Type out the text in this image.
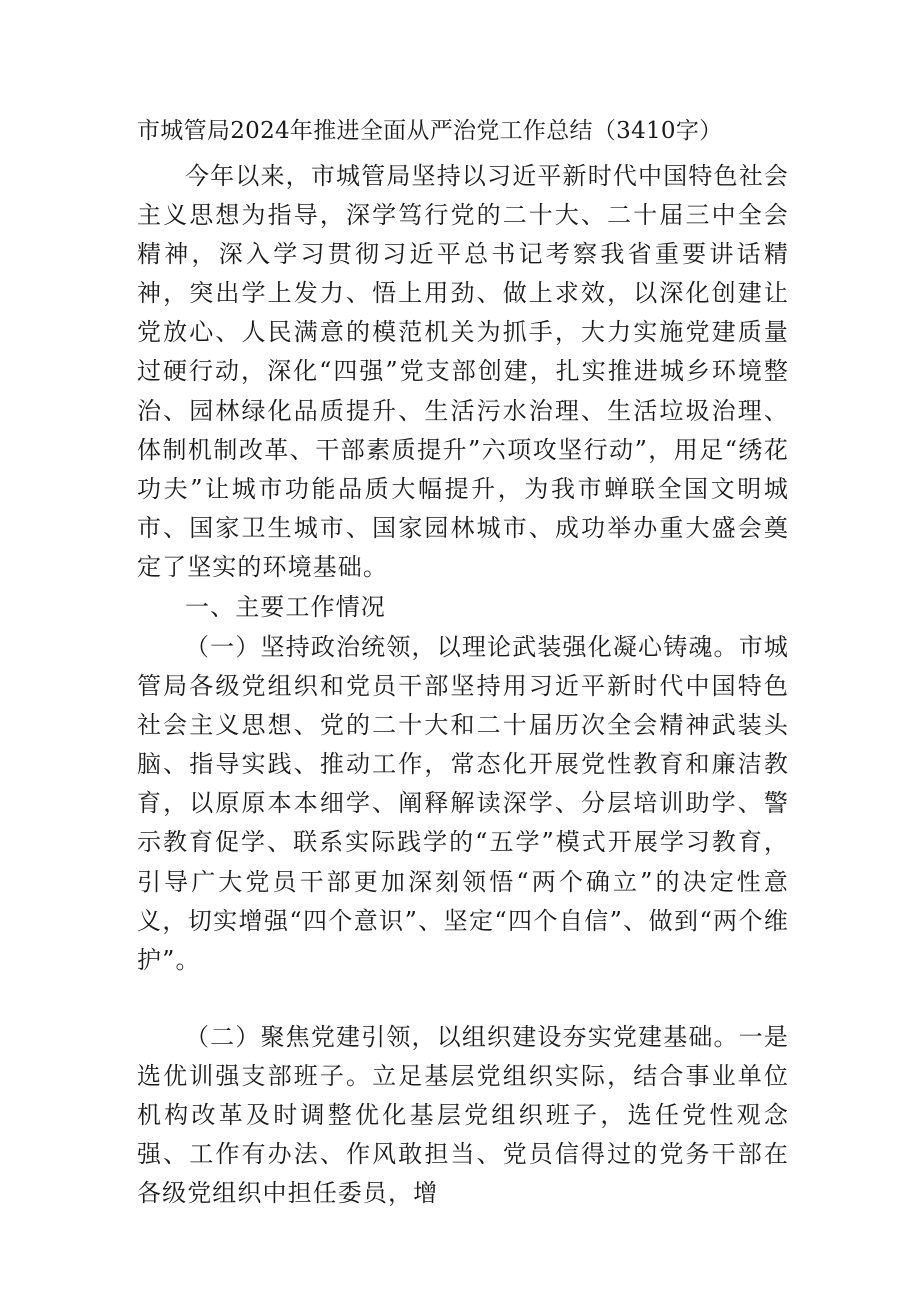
市城管局2024年推进全面从严治党工作总结（3410字）

今年以来，市城管局坚持以习近平新时代中国特色社会主义思想为指导，深学笃行党的二十大、二十届三中全会精神，深入学习贯彻习近平总书记考察我省重要讲话精神，突出学上发力、悟上用劲、做上求效，以深化创建让党放心、人民满意的模范机关为抓手，大力实施党建质量过硬行动，深化“四强”党支部创建，扎实推进城乡环境整治、园林绿化品质提升、生活污水治理、生活垃圾治理、体制机制改革、干部素质提升”六项攻坚行动”，用足“绣花功夫”让城市功能品质大幅提升，为我市蝉联全国文明城市、国家卫生城市、国家园林城市、成功举办重大盛会奠定了坚实的环境基础。

一、主要工作情况

（一）坚持政治统领，以理论武装强化凝心铸魂。市城管局各级党组织和党员干部坚持用习近平新时代中国特色社会主义思想、党的二十大和二十届历次全会精神武装头脑、指导实践、推动工作，常态化开展党性教育和廉洁教育，以原原本本细学、阐释解读深学、分层培训助学、警示教育促学、联系实际践学的“五学”模式开展学习教育，引导广大党员干部更加深刻领悟“两个确立”的决定性意义，切实增强“四个意识”、坚定“四个自信”、做到“两个维护”。

（二）聚焦党建引领，以组织建设夯实党建基础。一是选优训强支部班子。立足基层党组织实际，结合事业单位机构改革及时调整优化基层党组织班子，选任党性观念强、工作有办法、作风敢担当、党员信得过的党务干部在各级党组织中担任委员，增
